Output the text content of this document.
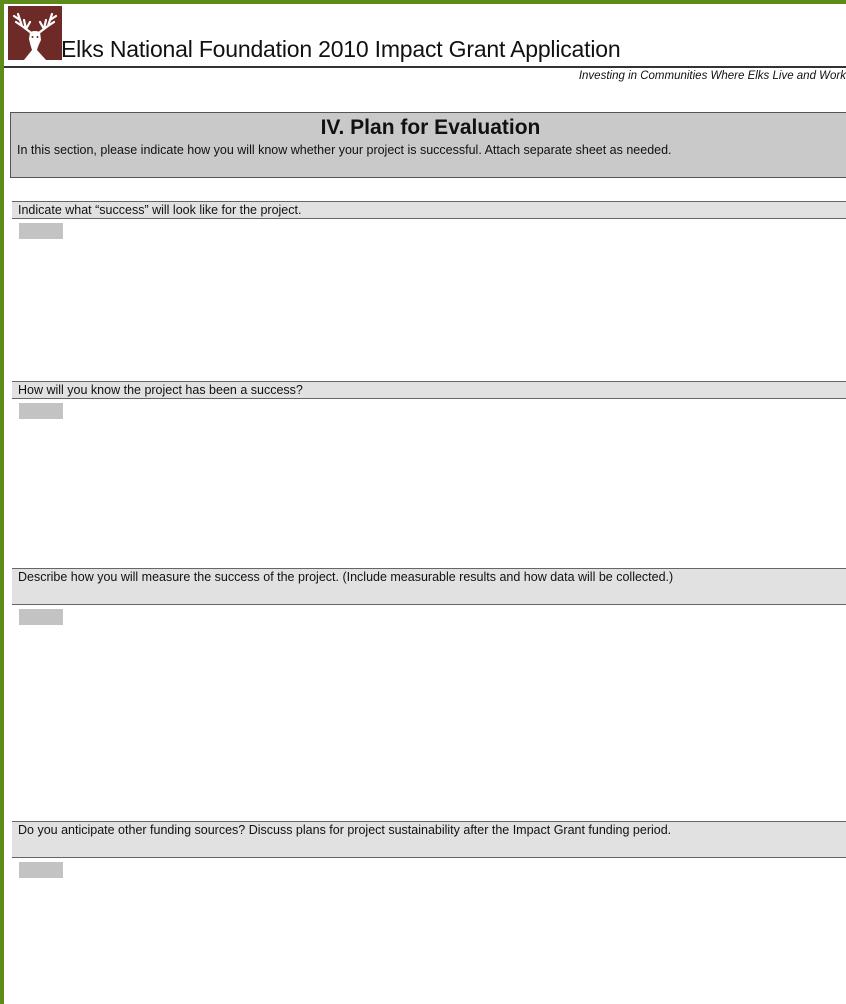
Elks National Foundation 2010 Impact Grant Application
Investing in Communities Where Elks Live and Work
IV. Plan for Evaluation
In this section, please indicate how you will know whether your project is successful. Attach separate sheet as needed.
Indicate what “success” will look like for the project.
How will you know the project has been a success?
Describe how you will measure the success of the project. (Include measurable results and how data will be collected.)
Do you anticipate other funding sources? Discuss plans for project sustainability after the Impact Grant funding period.
